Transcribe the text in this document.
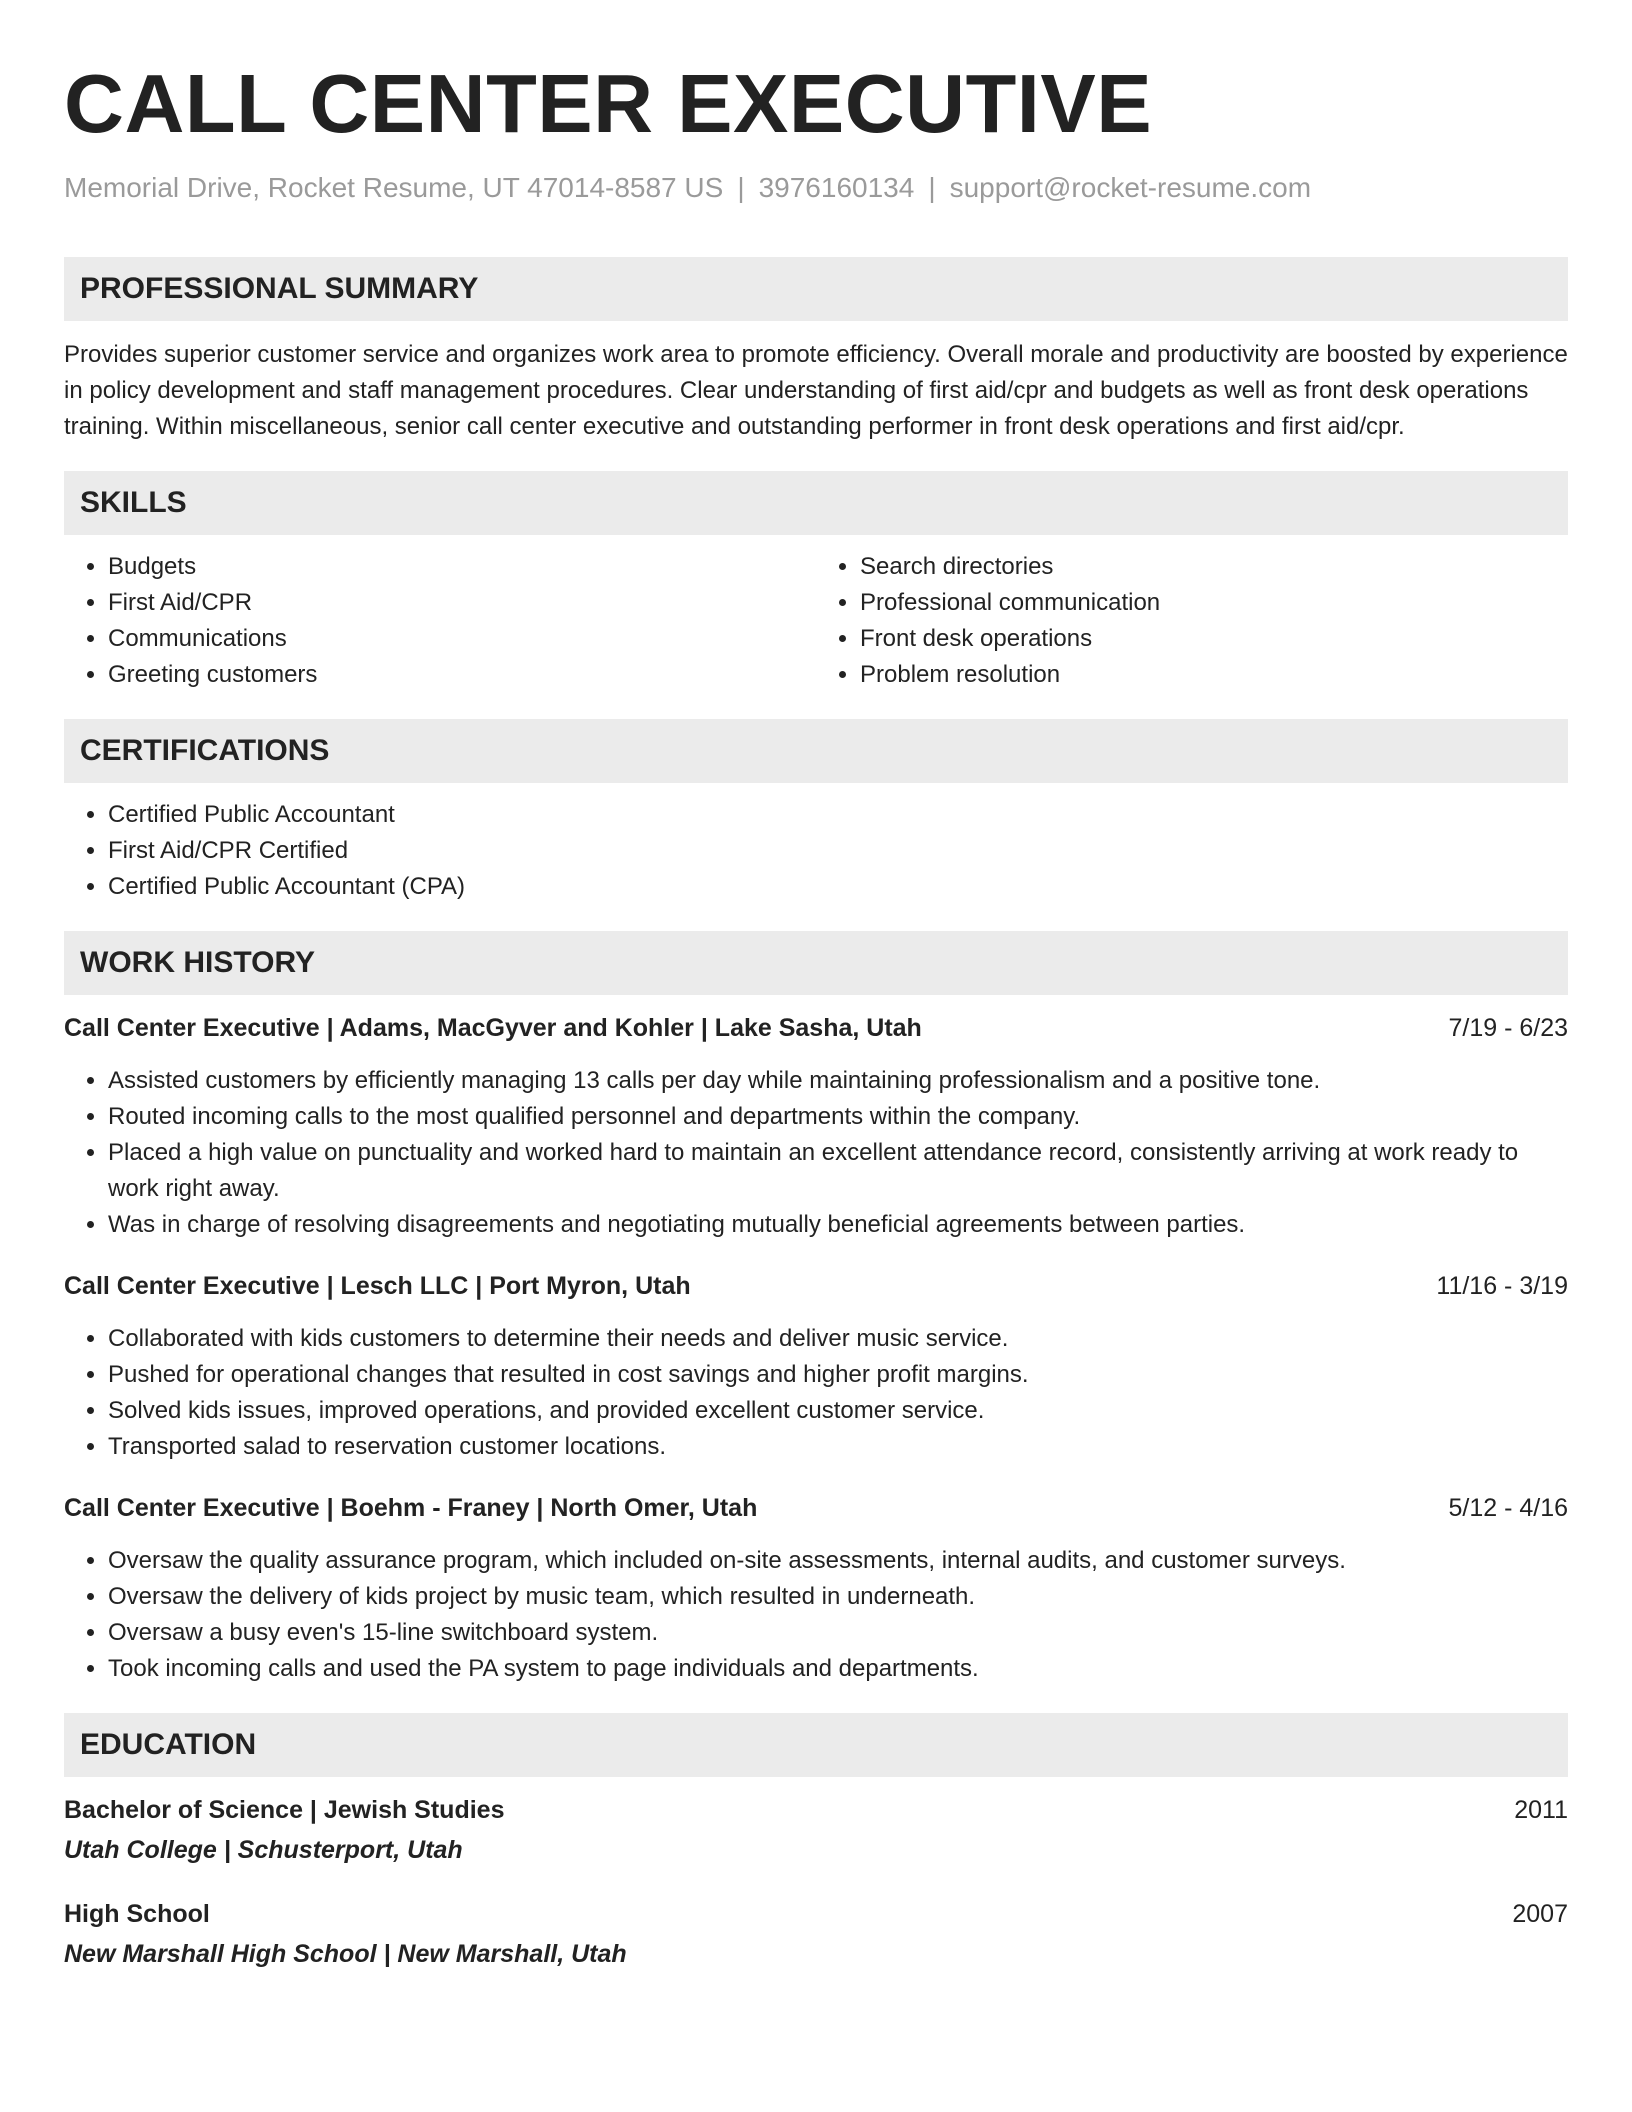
CALL CENTER EXECUTIVE
Memorial Drive, Rocket Resume, UT 47014-8587 US | 3976160134 | support@rocket-resume.com
PROFESSIONAL SUMMARY

Provides superior customer service and organizes work area to promote efficiency. Overall morale and productivity are boosted by experience in policy development and staff management procedures. Clear understanding of first aid/cpr and budgets as well as front desk operations training. Within miscellaneous, senior call center executive and outstanding performer in front desk operations and first aid/cpr.

SKILLS
• Budgets
• First Aid/CPR
• Communications
• Greeting customers
• Search directories
• Professional communication
• Front desk operations
• Problem resolution
CERTIFICATIONS
• Certified Public Accountant
• First Aid/CPR Certified
• Certified Public Accountant (CPA)
WORK HISTORY
Call Center Executive | Adams, MacGyver and Kohler | Lake Sasha, Utah	7/19 - 6/23
• Assisted customers by efficiently managing 13 calls per day while maintaining professionalism and a positive tone.
• Routed incoming calls to the most qualified personnel and departments within the company.
• Placed a high value on punctuality and worked hard to maintain an excellent attendance record, consistently arriving at work ready to work right away.
• Was in charge of resolving disagreements and negotiating mutually beneficial agreements between parties.
Call Center Executive | Lesch LLC | Port Myron, Utah	11/16 - 3/19
• Collaborated with kids customers to determine their needs and deliver music service.
• Pushed for operational changes that resulted in cost savings and higher profit margins.
• Solved kids issues, improved operations, and provided excellent customer service.
• Transported salad to reservation customer locations.
Call Center Executive | Boehm - Franey | North Omer, Utah	5/12 - 4/16
• Oversaw the quality assurance program, which included on-site assessments, internal audits, and customer surveys.
• Oversaw the delivery of kids project by music team, which resulted in underneath.
• Oversaw a busy even's 15-line switchboard system.
• Took incoming calls and used the PA system to page individuals and departments.
EDUCATION
Bachelor of Science | Jewish Studies	2011
Utah College | Schusterport, Utah
High School	2007
New Marshall High School | New Marshall, Utah
